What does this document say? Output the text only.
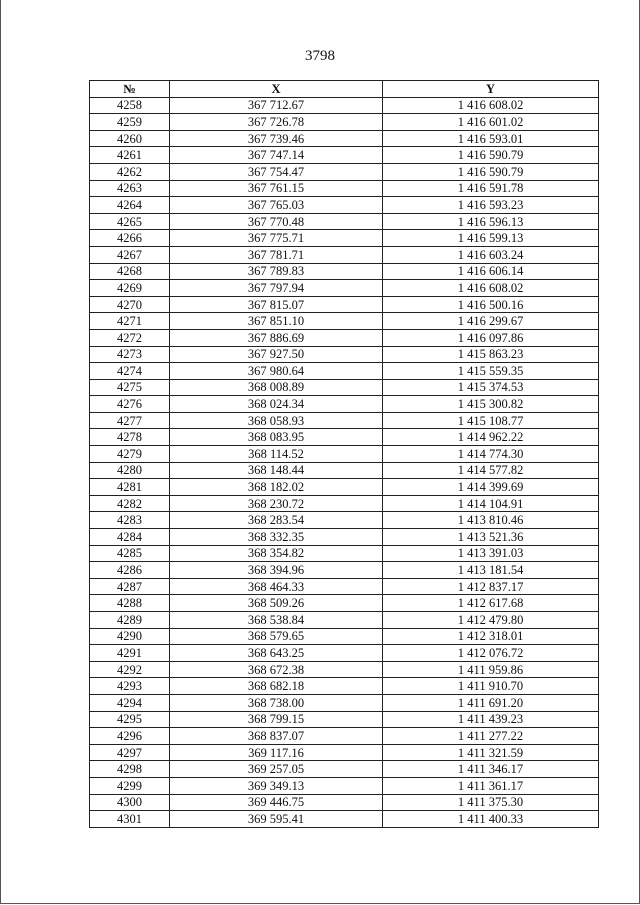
3798
№	X	Y
4258	367 712.67	1 416 608.02
4259	367 726.78	1 416 601.02
4260	367 739.46	1 416 593.01
4261	367 747.14	1 416 590.79
4262	367 754.47	1 416 590.79
4263	367 761.15	1 416 591.78
4264	367 765.03	1 416 593.23
4265	367 770.48	1 416 596.13
4266	367 775.71	1 416 599.13
4267	367 781.71	1 416 603.24
4268	367 789.83	1 416 606.14
4269	367 797.94	1 416 608.02
4270	367 815.07	1 416 500.16
4271	367 851.10	1 416 299.67
4272	367 886.69	1 416 097.86
4273	367 927.50	1 415 863.23
4274	367 980.64	1 415 559.35
4275	368 008.89	1 415 374.53
4276	368 024.34	1 415 300.82
4277	368 058.93	1 415 108.77
4278	368 083.95	1 414 962.22
4279	368 114.52	1 414 774.30
4280	368 148.44	1 414 577.82
4281	368 182.02	1 414 399.69
4282	368 230.72	1 414 104.91
4283	368 283.54	1 413 810.46
4284	368 332.35	1 413 521.36
4285	368 354.82	1 413 391.03
4286	368 394.96	1 413 181.54
4287	368 464.33	1 412 837.17
4288	368 509.26	1 412 617.68
4289	368 538.84	1 412 479.80
4290	368 579.65	1 412 318.01
4291	368 643.25	1 412 076.72
4292	368 672.38	1 411 959.86
4293	368 682.18	1 411 910.70
4294	368 738.00	1 411 691.20
4295	368 799.15	1 411 439.23
4296	368 837.07	1 411 277.22
4297	369 117.16	1 411 321.59
4298	369 257.05	1 411 346.17
4299	369 349.13	1 411 361.17
4300	369 446.75	1 411 375.30
4301	369 595.41	1 411 400.33
